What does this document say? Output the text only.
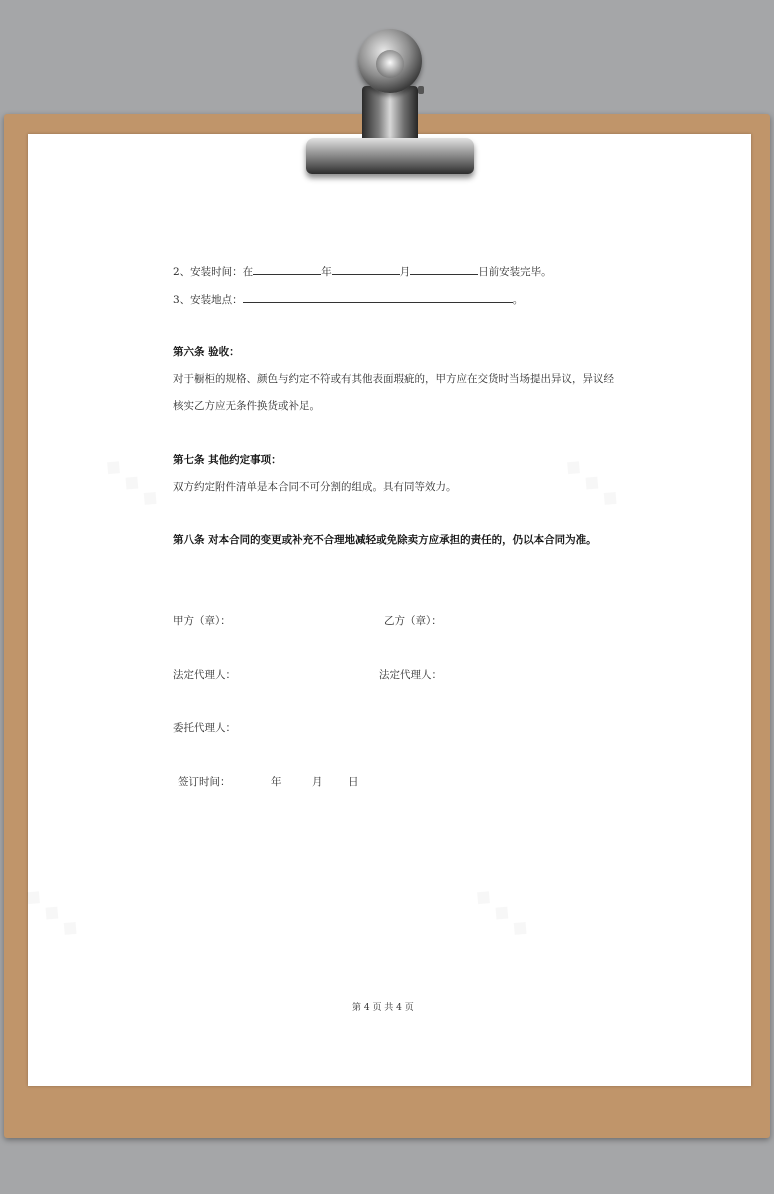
2、安装时间：在	年	月	日前安装完毕。
3、安装地点：	。
第六条 验收：
对于橱柜的规格、颜色与约定不符或有其他表面瑕疵的，甲方应在交货时当场提出异议，异议经
核实乙方应无条件换货或补足。
第七条 其他约定事项：
双方约定附件清单是本合同不可分割的组成。具有同等效力。
第八条 对本合同的变更或补充不合理地减轻或免除卖方应承担的责任的，仍以本合同为准。
甲方（章）：	乙方（章）：
法定代理人：	法定代理人：
委托代理人：
签订时间：	年	月 日
第 4 页 共 4 页
